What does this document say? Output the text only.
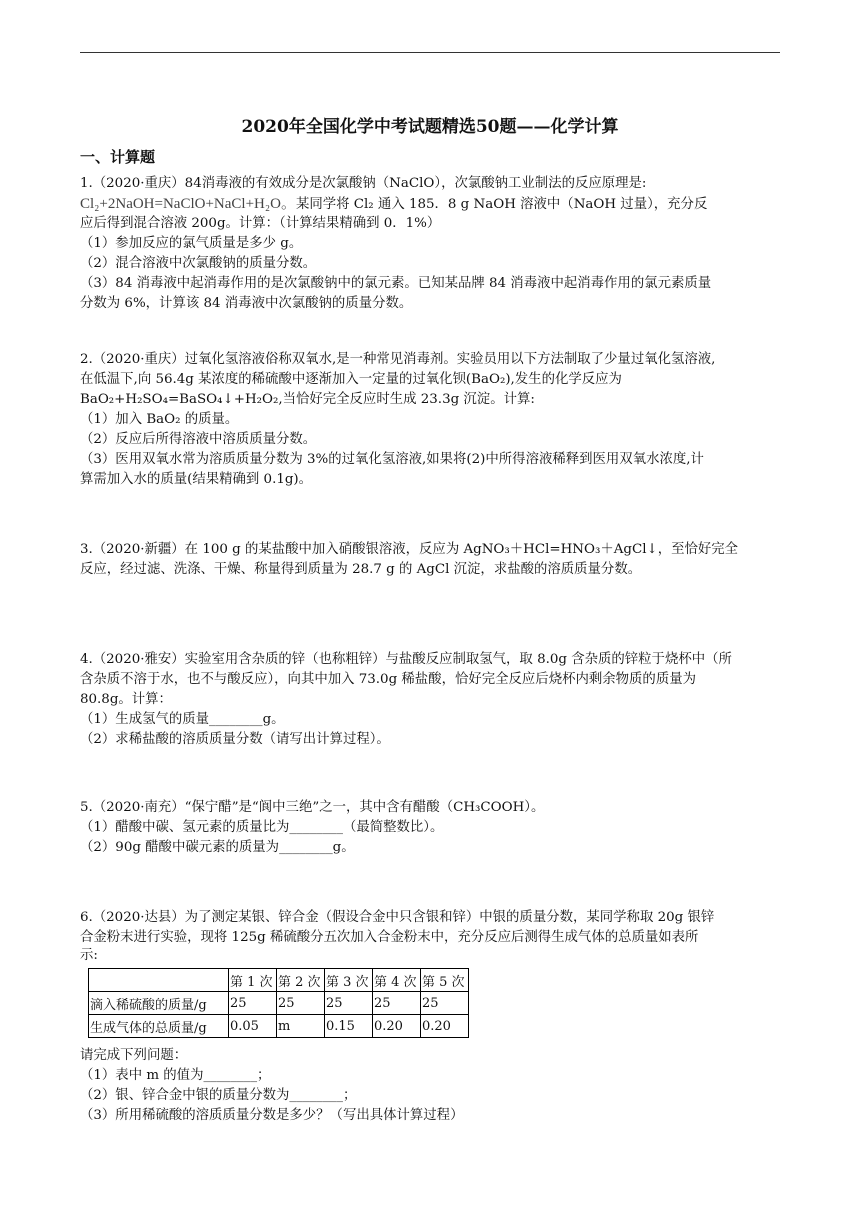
2020年全国化学中考试题精选50题——化学计算
一、计算题
1.（2020·重庆）84消毒液的有效成分是次氯酸钠（NaClO），次氯酸钠工业制法的反应原理是:
Cl₂+2NaOH=NaClO+NaCl+H₂O。某同学将 Cl₂ 通入 185．8 g NaOH 溶液中（NaOH 过量），充分反
应后得到混合溶液 200g。计算：（计算结果精确到 0．1%）
（1）参加反应的氯气质量是多少 g。
（2）混合溶液中次氯酸钠的质量分数。
（3）84 消毒液中起消毒作用的是次氯酸钠中的氯元素。已知某品牌 84 消毒液中起消毒作用的氯元素质量
分数为 6%，计算该 84 消毒液中次氯酸钠的质量分数。
2.（2020·重庆）过氧化氢溶液俗称双氧水,是一种常见消毒剂。实验员用以下方法制取了少量过氧化氢溶液,
在低温下,向 56.4g 某浓度的稀硫酸中逐渐加入一定量的过氧化钡(BaO₂),发生的化学反应为
BaO₂+H₂SO₄=BaSO₄↓+H₂O₂,当恰好完全反应时生成 23.3g 沉淀。计算:
（1）加入 BaO₂ 的质量。
（2）反应后所得溶液中溶质质量分数。
（3）医用双氧水常为溶质质量分数为 3%的过氧化氢溶液,如果将(2)中所得溶液稀释到医用双氧水浓度,计
算需加入水的质量(结果精确到 0.1g)。
3.（2020·新疆）在 100 g 的某盐酸中加入硝酸银溶液，反应为 AgNO₃＋HCl=HNO₃＋AgCl↓，至恰好完全
反应，经过滤、洗涤、干燥、称量得到质量为 28.7 g 的 AgCl 沉淀，求盐酸的溶质质量分数。
4.（2020·雅安）实验室用含杂质的锌（也称粗锌）与盐酸反应制取氢气，取 8.0g 含杂质的锌粒于烧杯中（所
含杂质不溶于水，也不与酸反应），向其中加入 73.0g 稀盐酸，恰好完全反应后烧杯内剩余物质的质量为
80.8g。计算：
（1）生成氢气的质量________g。
（2）求稀盐酸的溶质质量分数（请写出计算过程）。
5.（2020·南充）“保宁醋”是“阆中三绝”之一，其中含有醋酸（CH₃COOH）。
（1）醋酸中碳、氢元素的质量比为________（最简整数比）。
（2）90g 醋酸中碳元素的质量为________g。
6.（2020·达县）为了测定某银、锌合金（假设合金中只含银和锌）中银的质量分数，某同学称取 20g 银锌
合金粉末进行实验，现将 125g 稀硫酸分五次加入合金粉末中，充分反应后测得生成气体的总质量如表所
示:
	第 1 次	第 2 次	第 3 次	第 4 次	第 5 次
滴入稀硫酸的质量/g	25	25	25	25	25
生成气体的总质量/g	0.05	m	0.15	0.20	0.20
请完成下列问题：
（1）表中 m 的值为________；
（2）银、锌合金中银的质量分数为________；
（3）所用稀硫酸的溶质质量分数是多少？（写出具体计算过程）
